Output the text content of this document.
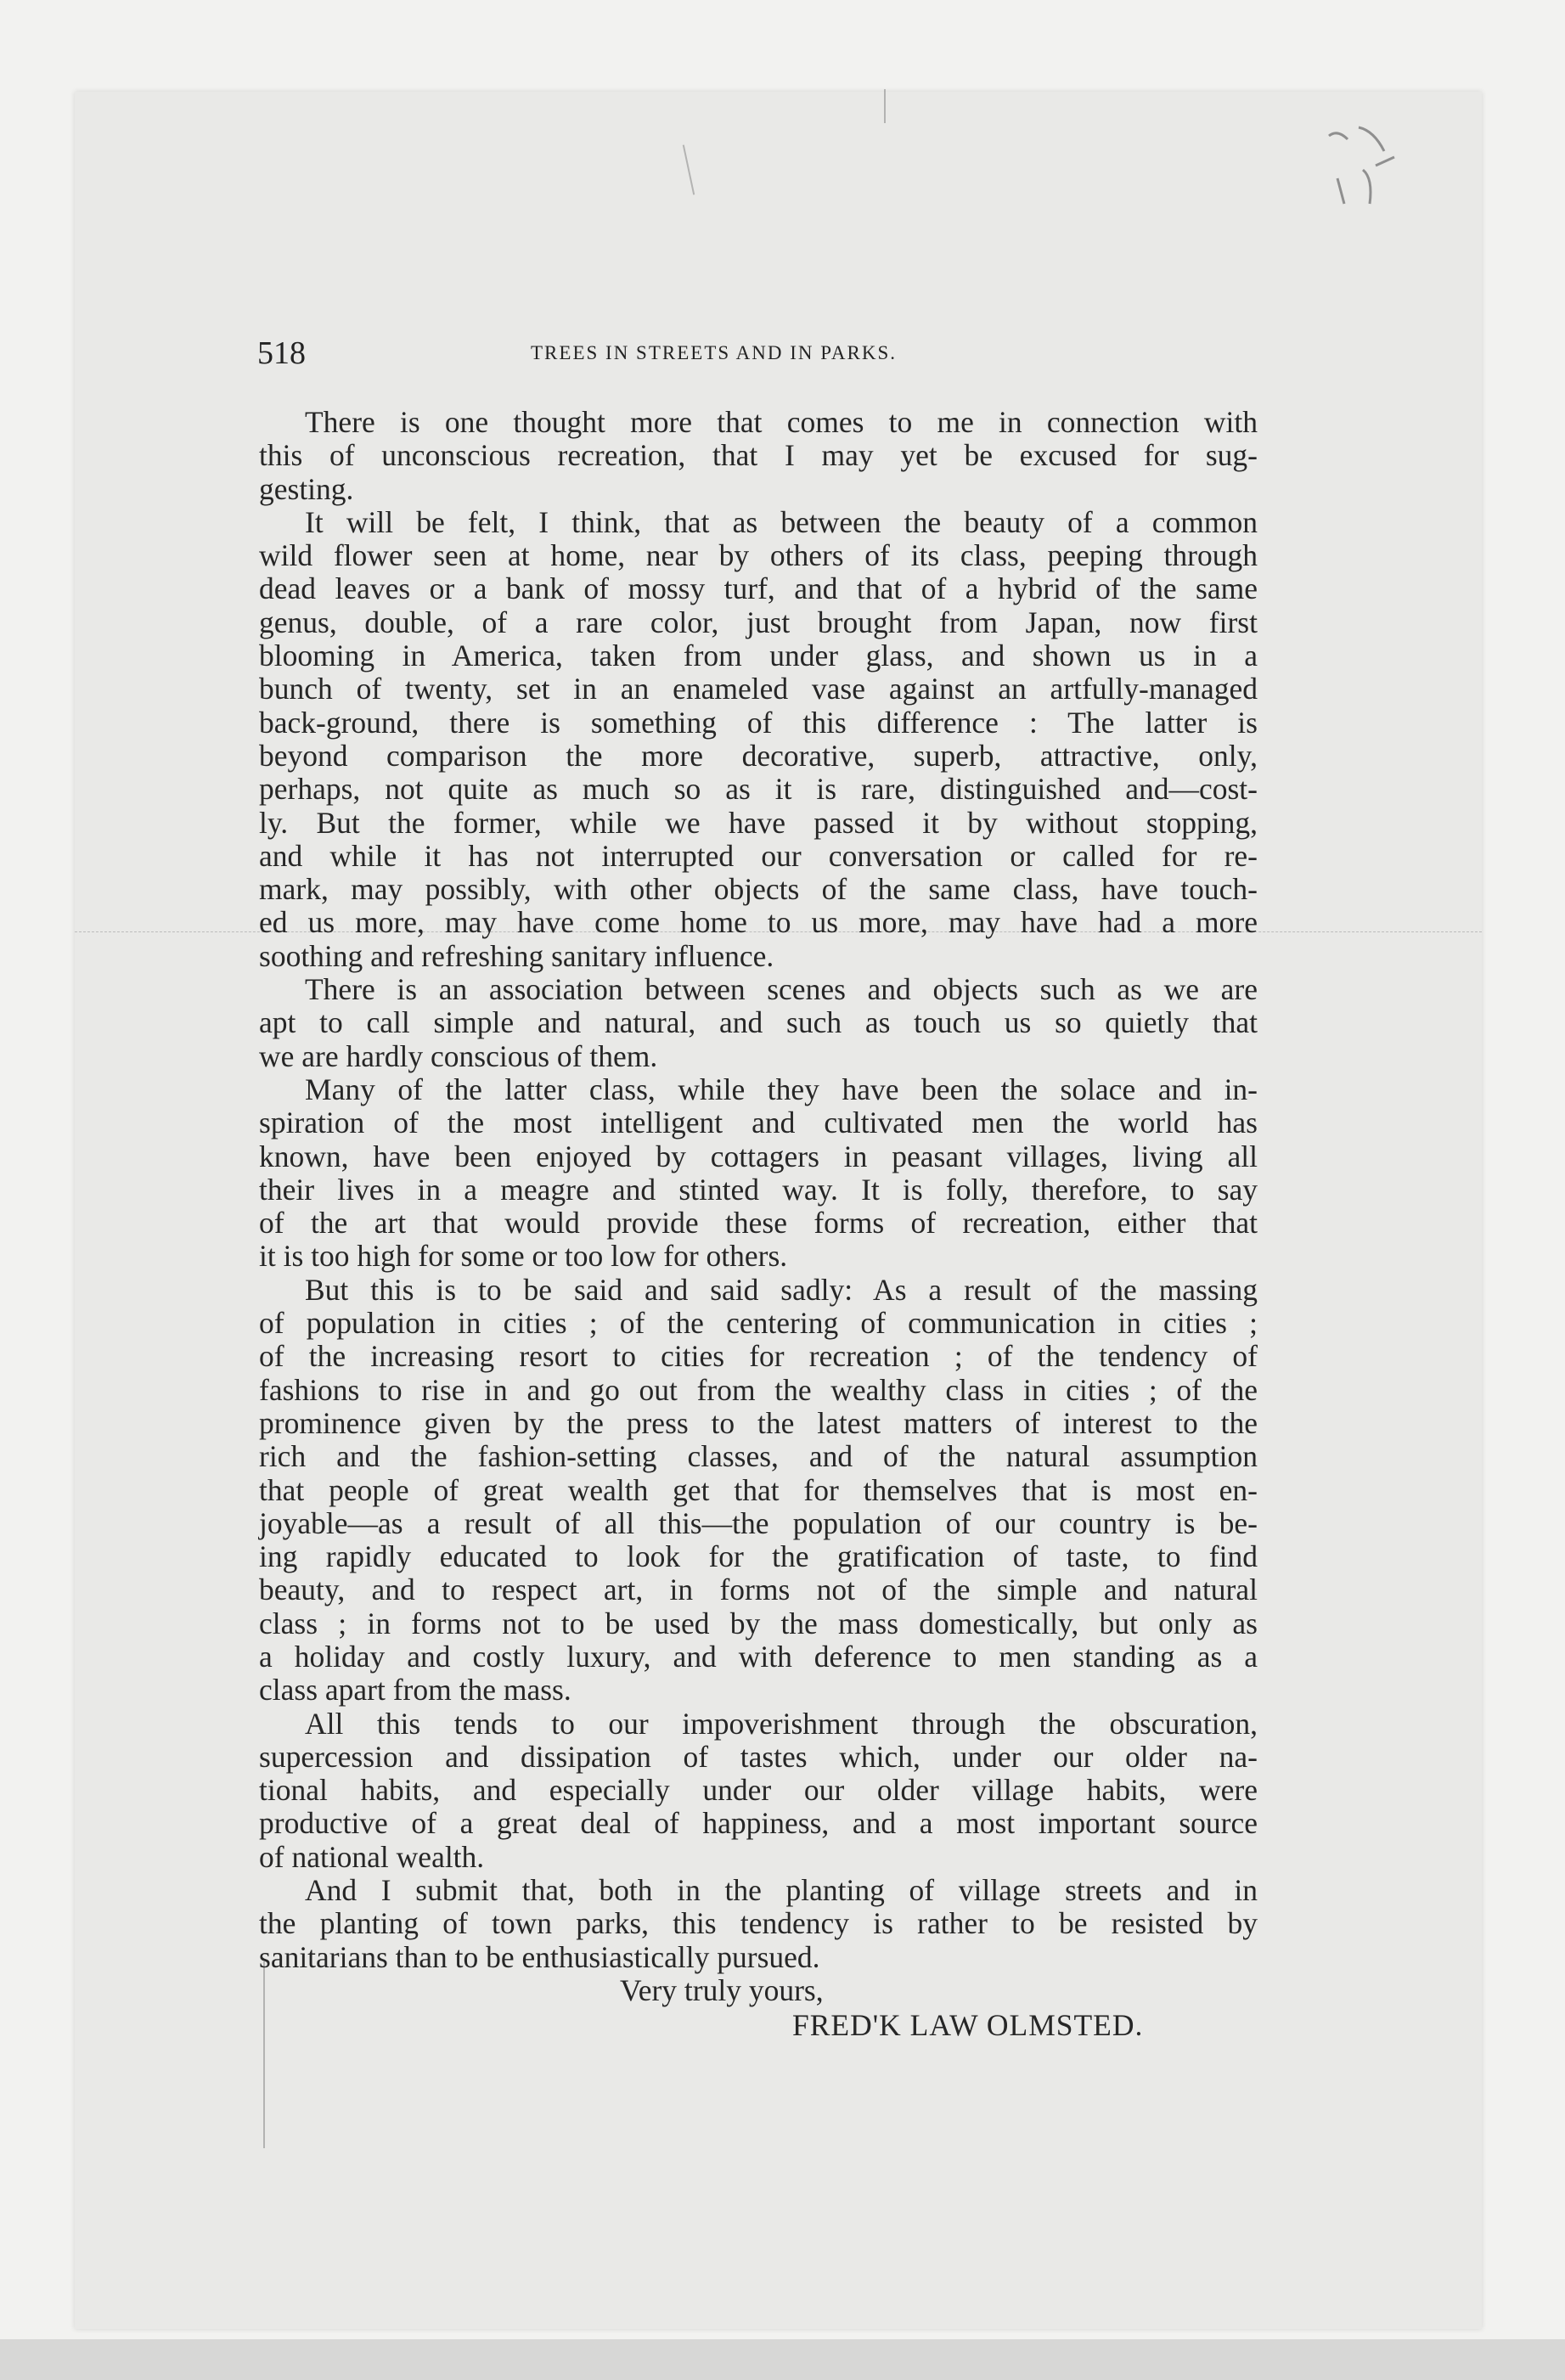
518	TREES IN STREETS AND IN PARKS.

There is one thought more that comes to me in connection with
this of unconscious recreation, that I may yet be excused for sug-
gesting.

It will be felt, I think, that as between the beauty of a common
wild flower seen at home, near by others of its class, peeping through
dead leaves or a bank of mossy turf, and that of a hybrid of the same
genus, double, of a rare color, just brought from Japan, now first
blooming in America, taken from under glass, and shown us in a
bunch of twenty, set in an enameled vase against an artfully-managed
back-ground, there is something of this difference : The latter is
beyond comparison the more decorative, superb, attractive, only,
perhaps, not quite as much so as it is rare, distinguished and—cost-
ly. But the former, while we have passed it by without stopping,
and while it has not interrupted our conversation or called for re-
mark, may possibly, with other objects of the same class, have touch-
ed us more, may have come home to us more, may have had a more
soothing and refreshing sanitary influence.

There is an association between scenes and objects such as we are
apt to call simple and natural, and such as touch us so quietly that
we are hardly conscious of them.

Many of the latter class, while they have been the solace and in-
spiration of the most intelligent and cultivated men the world has
known, have been enjoyed by cottagers in peasant villages, living all
their lives in a meagre and stinted way. It is folly, therefore, to say
of the art that would provide these forms of recreation, either that
it is too high for some or too low for others.

But this is to be said and said sadly: As a result of the massing
of population in cities ; of the centering of communication in cities ;
of the increasing resort to cities for recreation ; of the tendency of
fashions to rise in and go out from the wealthy class in cities ; of the
prominence given by the press to the latest matters of interest to the
rich and the fashion-setting classes, and of the natural assumption
that people of great wealth get that for themselves that is most en-
joyable—as a result of all this—the population of our country is be-
ing rapidly educated to look for the gratification of taste, to find
beauty, and to respect art, in forms not of the simple and natural
class ; in forms not to be used by the mass domestically, but only as
a holiday and costly luxury, and with deference to men standing as a
class apart from the mass.

All this tends to our impoverishment through the obscuration,
supercession and dissipation of tastes which, under our older na-
tional habits, and especially under our older village habits, were
productive of a great deal of happiness, and a most important source
of national wealth.

And I submit that, both in the planting of village streets and in
the planting of town parks, this tendency is rather to be resisted by
sanitarians than to be enthusiastically pursued.

Very truly yours,
FRED'K LAW OLMSTED.
